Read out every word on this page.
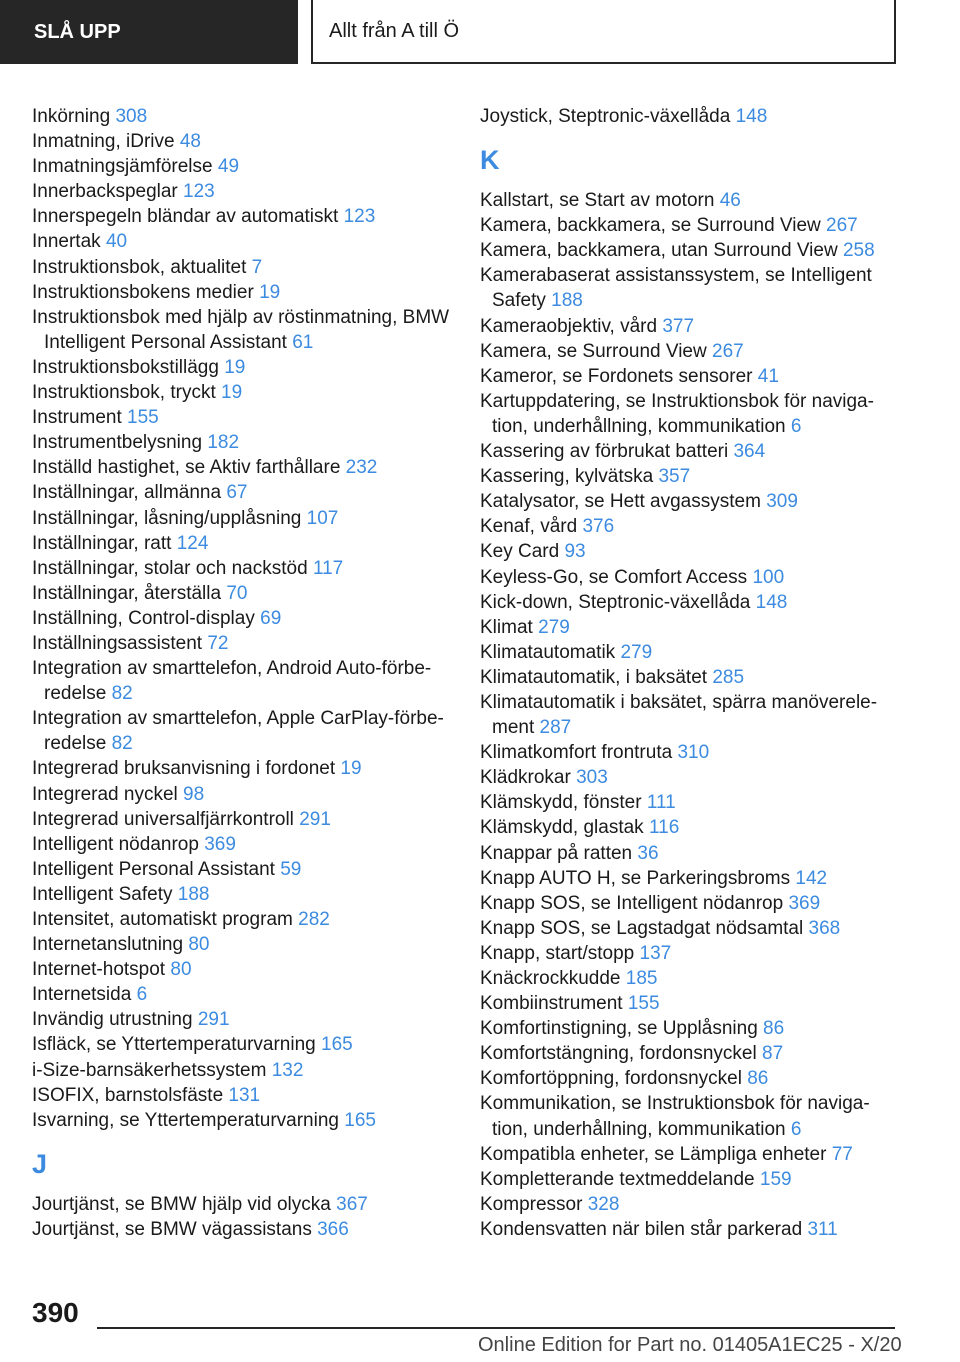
SLÅ UPP	Allt från A till Ö
Inkörning 308
Inmatning, iDrive 48
Inmatningsjämförelse 49
Innerbackspeglar 123
Innerspegeln bländar av automatiskt 123
Innertak 40
Instruktionsbok, aktualitet 7
Instruktionsbokens medier 19
Instruktionsbok med hjälp av röstinmatning, BMW Intelligent Personal Assistant 61
Instruktionsbokstillägg 19
Instruktionsbok, tryckt 19
Instrument 155
Instrumentbelysning 182
Inställd hastighet, se Aktiv farthållare 232
Inställningar, allmänna 67
Inställningar, låsning/upplåsning 107
Inställningar, ratt 124
Inställningar, stolar och nackstöd 117
Inställningar, återställa 70
Inställning, Control-display 69
Inställningsassistent 72
Integration av smarttelefon, Android Auto-förbe- redelse 82
Integration av smarttelefon, Apple CarPlay-förbe- redelse 82
Integrerad bruksanvisning i fordonet 19
Integrerad nyckel 98
Integrerad universalfjärrkontroll 291
Intelligent nödanrop 369
Intelligent Personal Assistant 59
Intelligent Safety 188
Intensitet, automatiskt program 282
Internetanslutning 80
Internet-hotspot 80
Internetsida 6
Invändig utrustning 291
Isfläck, se Yttertemperaturvarning 165
i-Size-barnsäkerhetssystem 132
ISOFIX, barnstolsfäste 131
Isvarning, se Yttertemperaturvarning 165
J
Jourtjänst, se BMW hjälp vid olycka 367
Jourtjänst, se BMW vägassistans 366
Joystick, Steptronic-växellåda 148
K
Kallstart, se Start av motorn 46
Kamera, backkamera, se Surround View 267
Kamera, backkamera, utan Surround View 258
Kamerabaserat assistanssystem, se Intelligent Safety 188
Kameraobjektiv, vård 377
Kamera, se Surround View 267
Kameror, se Fordonets sensorer 41
Kartuppdatering, se Instruktionsbok för naviga- tion, underhållning, kommunikation 6
Kassering av förbrukat batteri 364
Kassering, kylvätska 357
Katalysator, se Hett avgassystem 309
Kenaf, vård 376
Key Card 93
Keyless-Go, se Comfort Access 100
Kick-down, Steptronic-växellåda 148
Klimat 279
Klimatautomatik 279
Klimatautomatik, i baksätet 285
Klimatautomatik i baksätet, spärra manöverele- ment 287
Klimatkomfort frontruta 310
Klädkrokar 303
Klämskydd, fönster 111
Klämskydd, glastak 116
Knappar på ratten 36
Knapp AUTO H, se Parkeringsbroms 142
Knapp SOS, se Intelligent nödanrop 369
Knapp SOS, se Lagstadgat nödsamtal 368
Knapp, start/stopp 137
Knäckrockkudde 185
Kombiinstrument 155
Komfortinstigning, se Upplåsning 86
Komfortstängning, fordonsnyckel 87
Komfortöppning, fordonsnyckel 86
Kommunikation, se Instruktionsbok för naviga- tion, underhållning, kommunikation 6
Kompatibla enheter, se Lämpliga enheter 77
Kompletterande textmeddelande 159
Kompressor 328
Kondensvatten när bilen står parkerad 311
390
Online Edition for Part no. 01405A1EC25 - X/20
